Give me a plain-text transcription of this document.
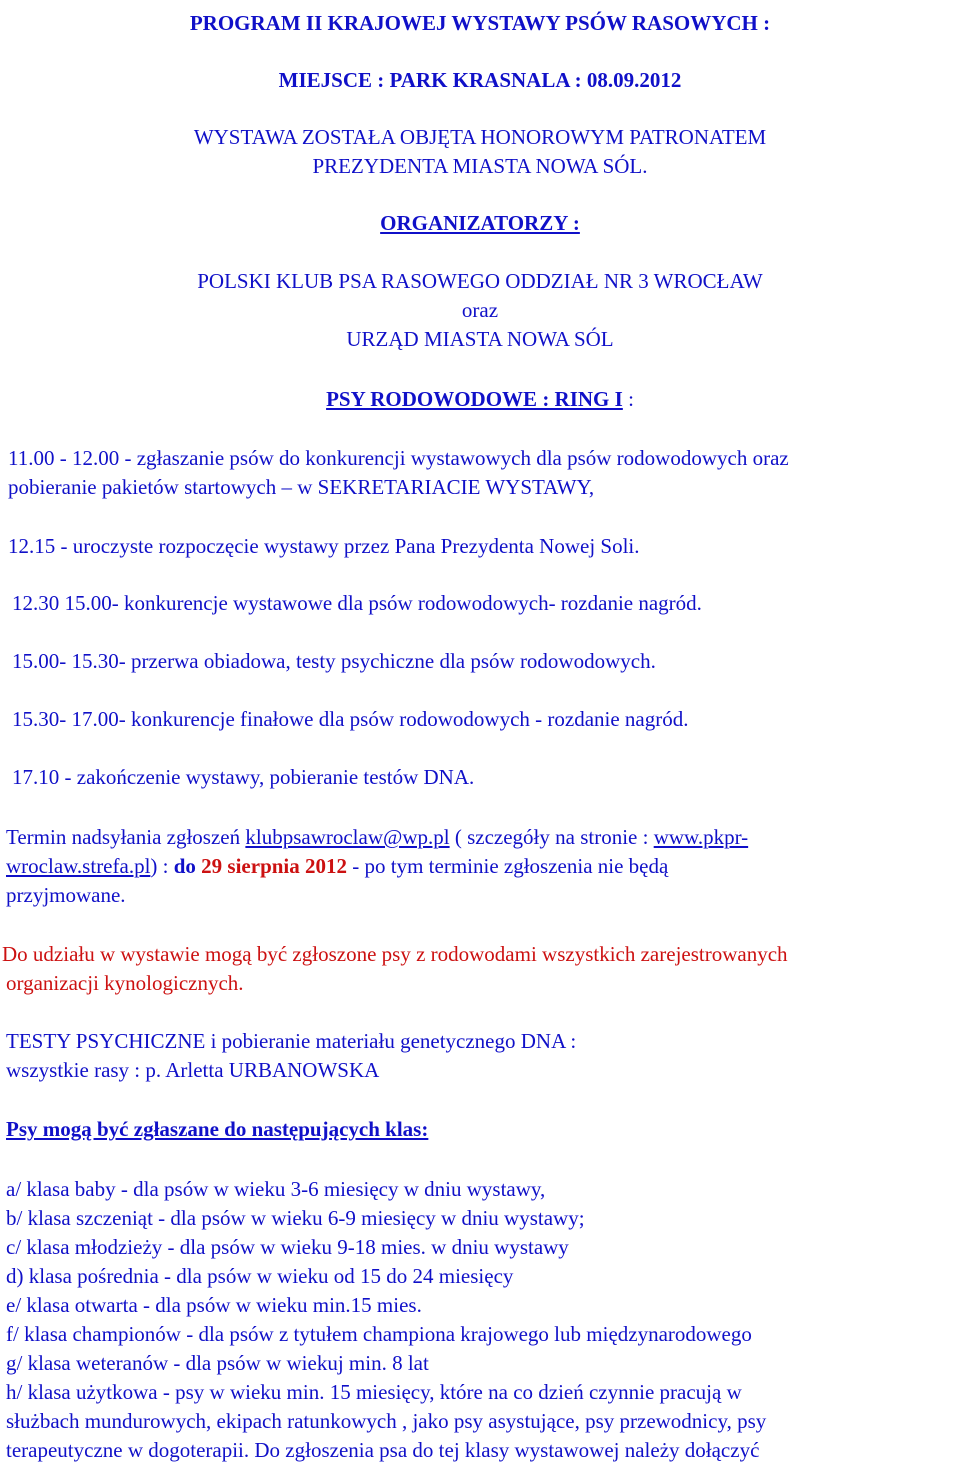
PROGRAM II KRAJOWEJ WYSTAWY PSÓW RASOWYCH :
MIEJSCE : PARK KRASNALA : 08.09.2012
WYSTAWA ZOSTAŁA OBJĘTA HONOROWYM PATRONATEM
PREZYDENTA MIASTA NOWA SÓL.
ORGANIZATORZY :
POLSKI KLUB PSA RASOWEGO ODDZIAŁ NR 3 WROCŁAW
oraz
URZĄD MIASTA NOWA SÓL
PSY RODOWODOWE : RING I :
11.00 - 12.00 - zgłaszanie psów do konkurencji wystawowych dla psów rodowodowych oraz
pobieranie pakietów startowych – w SEKRETARIACIE WYSTAWY,
12.15 - uroczyste rozpoczęcie wystawy przez Pana Prezydenta Nowej Soli.
12.30 15.00- konkurencje wystawowe dla psów rodowodowych- rozdanie nagród.
15.00- 15.30- przerwa obiadowa, testy psychiczne dla psów rodowodowych.
15.30- 17.00- konkurencje finałowe dla psów rodowodowych - rozdanie nagród.
17.10 - zakończenie wystawy, pobieranie testów DNA.
Termin nadsyłania zgłoszeń klubpsawroclaw@wp.pl ( szczegóły na stronie : www.pkpr-
wroclaw.strefa.pl) : do 29 sierpnia 2012 - po tym terminie zgłoszenia nie będą
przyjmowane.
Do udziału w wystawie mogą być zgłoszone psy z rodowodami wszystkich zarejestrowanych
organizacji kynologicznych.
TESTY PSYCHICZNE i pobieranie materiału genetycznego DNA :
wszystkie rasy : p. Arletta URBANOWSKA
Psy mogą być zgłaszane do następujących klas:
a/ klasa baby - dla psów w wieku 3-6 miesięcy w dniu wystawy,
b/ klasa szczeniąt - dla psów w wieku 6-9 miesięcy w dniu wystawy;
c/ klasa młodzieży - dla psów w wieku 9-18 mies. w dniu wystawy
d) klasa pośrednia - dla psów w wieku od 15 do 24 miesięcy
e/ klasa otwarta - dla psów w wieku min.15 mies.
f/ klasa championów - dla psów z tytułem championa krajowego lub międzynarodowego
g/ klasa weteranów - dla psów w wiekuj min. 8 lat
h/ klasa użytkowa - psy w wieku min. 15 miesięcy, które na co dzień czynnie pracują w
służbach mundurowych, ekipach ratunkowych , jako psy asystujące, psy przewodnicy, psy
terapeutyczne w dogoterapii. Do zgłoszenia psa do tej klasy wystawowej należy dołączyć
